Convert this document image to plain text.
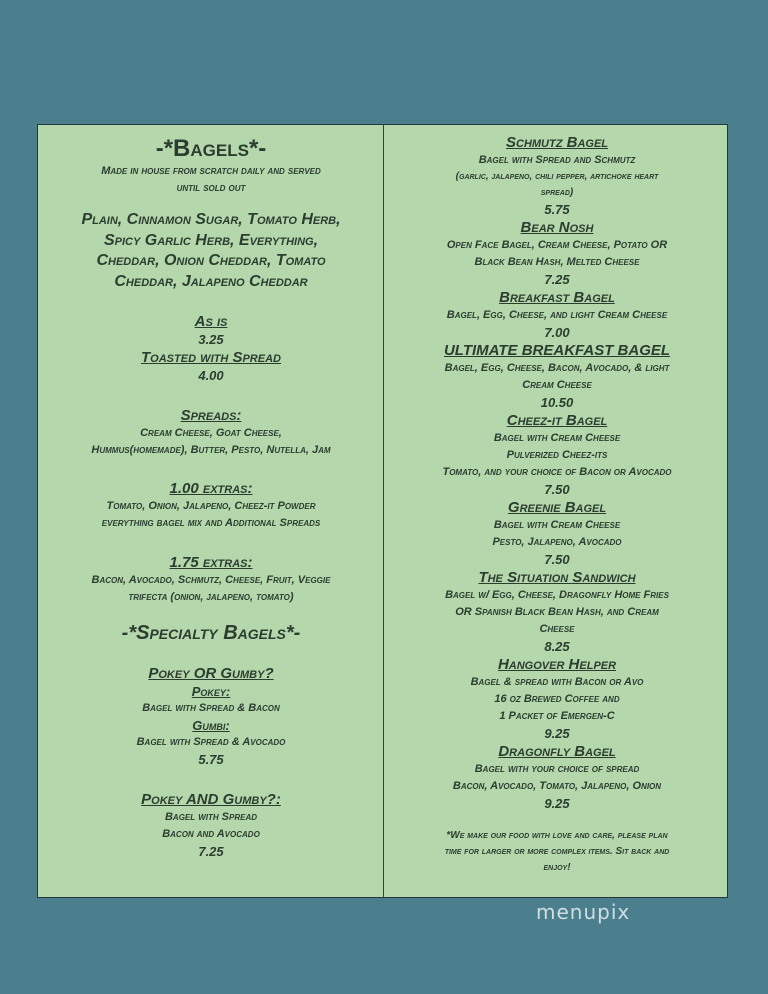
-*Bagels*-
Made in house from scratch daily and served
until sold out
Plain, Cinnamon Sugar, Tomato Herb,
Spicy Garlic Herb, Everything,
Cheddar, Onion Cheddar, Tomato
Cheddar, Jalapeno Cheddar
As is
3.25
Toasted with Spread
4.00
Spreads:
Cream Cheese, Goat Cheese,
Hummus(homemade), Butter, Pesto, Nutella, Jam
1.00 extras:
Tomato, Onion, Jalapeno, Cheez-it Powder
everything bagel mix and Additional Spreads
1.75 extras:
Bacon, Avocado, Schmutz, Cheese, Fruit, Veggie
trifecta (onion, jalapeno, tomato)
-*Specialty Bagels*-
Pokey OR Gumby?
Pokey:
Bagel with Spread & Bacon
Gumbi:
Bagel with Spread & Avocado
5.75
Pokey AND Gumby?:
Bagel with Spread
Bacon and Avocado
7.25
Schmutz Bagel
Bagel with Spread and Schmutz
(garlic, jalapeno, chili pepper, artichoke heart
spread)
5.75
Bear Nosh
Open Face Bagel, Cream Cheese, Potato OR
Black Bean Hash, Melted Cheese
7.25
Breakfast Bagel
Bagel, Egg, Cheese, and light Cream Cheese
7.00
ULTIMATE BREAKFAST BAGEL
Bagel, Egg, Cheese, Bacon, Avocado, & light
Cream Cheese
10.50
Cheez-it Bagel
Bagel with Cream Cheese
Pulverized Cheez-its
Tomato, and your choice of Bacon or Avocado
7.50
Greenie Bagel
Bagel with Cream Cheese
Pesto, Jalapeno, Avocado
7.50
The Situation Sandwich
Bagel w/ Egg, Cheese, Dragonfly Home Fries
OR Spanish Black Bean Hash, and Cream
Cheese
8.25
Hangover Helper
Bagel & spread with Bacon or Avo
16 oz Brewed Coffee and
1 Packet of Emergen-C
9.25
Dragonfly Bagel
Bagel with your choice of spread
Bacon, Avocado, Tomato, Jalapeno, Onion
9.25
*We make our food with love and care, please plan
time for larger or more complex items. Sit back and
enjoy!
menupix
